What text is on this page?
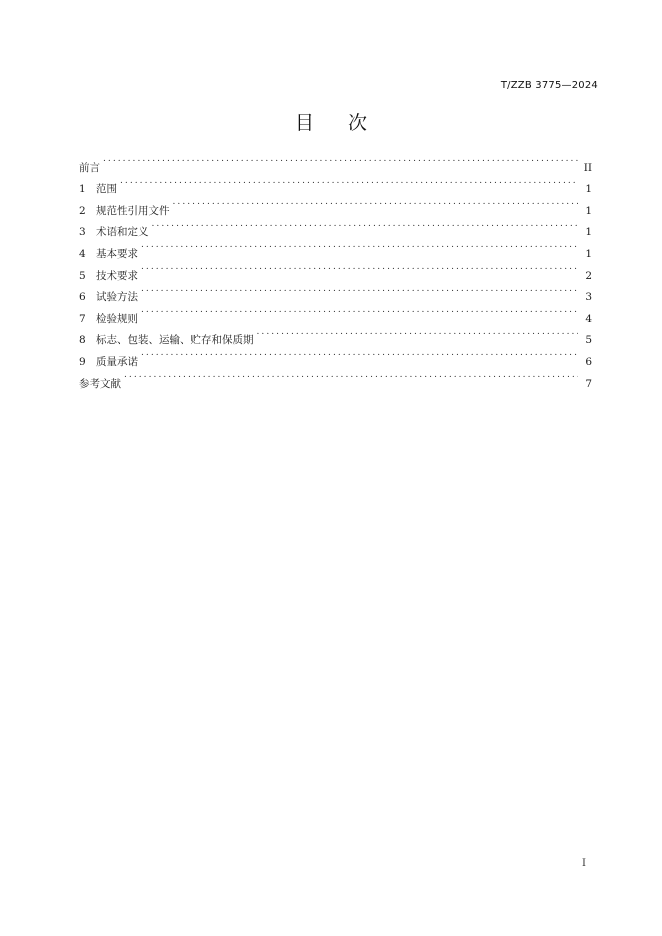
T/ZZB 3775—2024
目 次
前言 . . .	II
1 范围 . . .	1
2 规范性引用文件 . . .	1
3 术语和定义 . . .	1
4 基本要求 . . .	1
5 技术要求 . . .	2
6 试验方法 . . .	3
7 检验规则 . . .	4
8 标志、包装、运输、贮存和保质期 . . .	5
9 质量承诺 . . .	6
参考文献 . . .	7
I
